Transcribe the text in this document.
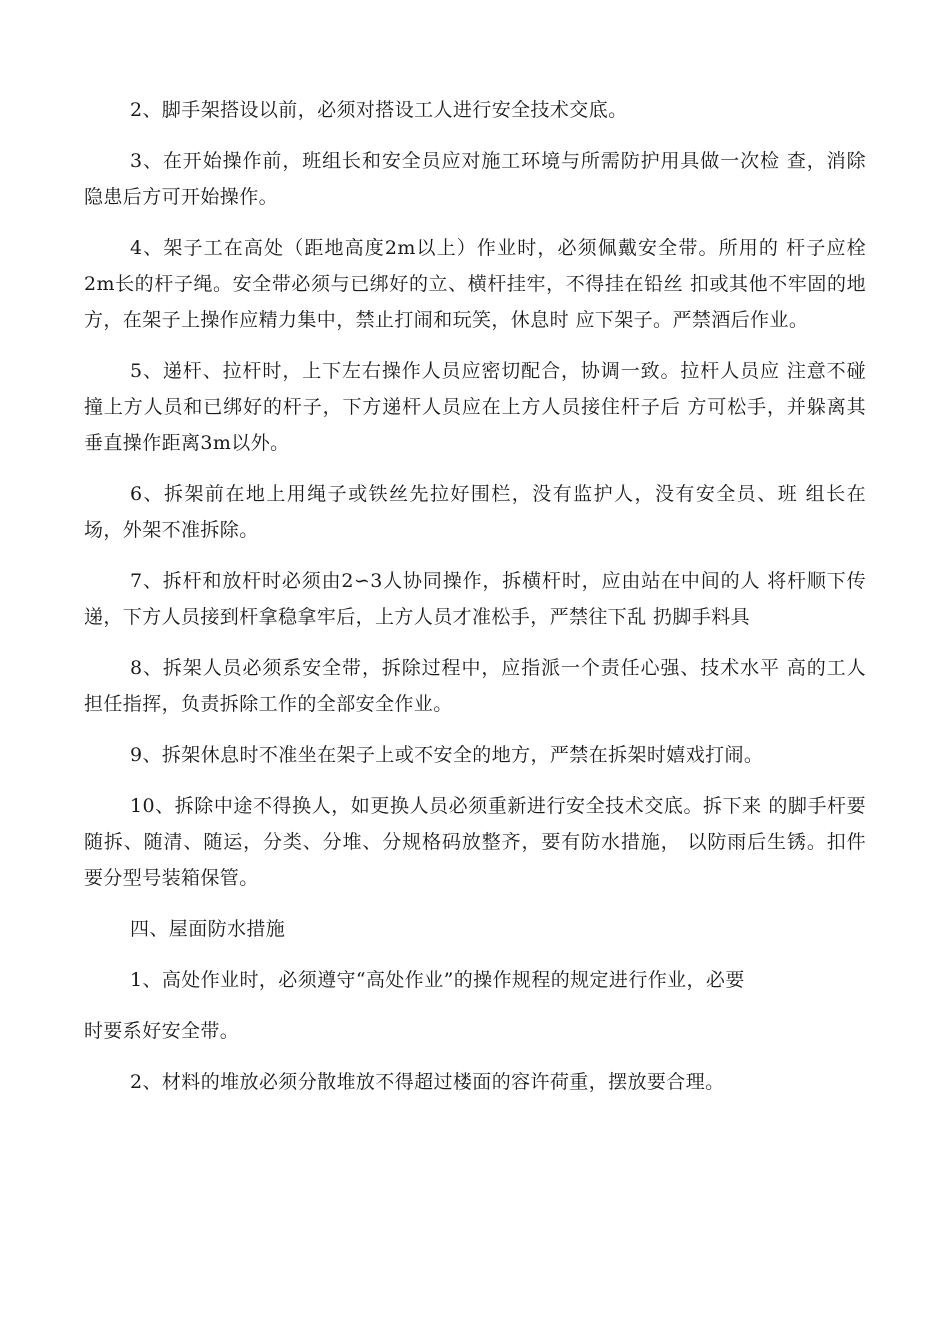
2、脚手架搭设以前，必须对搭设工人进行安全技术交底。

3、在开始操作前，班组长和安全员应对施工环境与所需防护用具做一次检 查，消除隐患后方可开始操作。

4、架子工在高处（距地高度2m以上）作业时，必须佩戴安全带。所用的 杆子应栓2m长的杆子绳。安全带必须与已绑好的立、横杆挂牢，不得挂在铅丝 扣或其他不牢固的地方，在架子上操作应精力集中，禁止打闹和玩笑，休息时 应下架子。严禁酒后作业。

5、递杆、拉杆时，上下左右操作人员应密切配合，协调一致。拉杆人员应 注意不碰撞上方人员和已绑好的杆子，下方递杆人员应在上方人员接住杆子后 方可松手，并躲离其垂直操作距离3m以外。

6、拆架前在地上用绳子或铁丝先拉好围栏，没有监护人，没有安全员、班 组长在场，外架不准拆除。

7、拆杆和放杆时必须由2∽3人协同操作，拆横杆时，应由站在中间的人 将杆顺下传递，下方人员接到杆拿稳拿牢后，上方人员才准松手，严禁往下乱 扔脚手料具

8、拆架人员必须系安全带，拆除过程中，应指派一个责任心强、技术水平 高的工人担任指挥，负责拆除工作的全部安全作业。

9、拆架休息时不准坐在架子上或不安全的地方，严禁在拆架时嬉戏打闹。

10、拆除中途不得换人，如更换人员必须重新进行安全技术交底。拆下来 的脚手杆要随拆、随清、随运，分类、分堆、分规格码放整齐，要有防水措施， 以防雨后生锈。扣件要分型号装箱保管。

四、屋面防水措施

1、高处作业时，必须遵守“高处作业”的操作规程的规定进行作业，必要

时要系好安全带。

2、材料的堆放必须分散堆放不得超过楼面的容许荷重，摆放要合理。
